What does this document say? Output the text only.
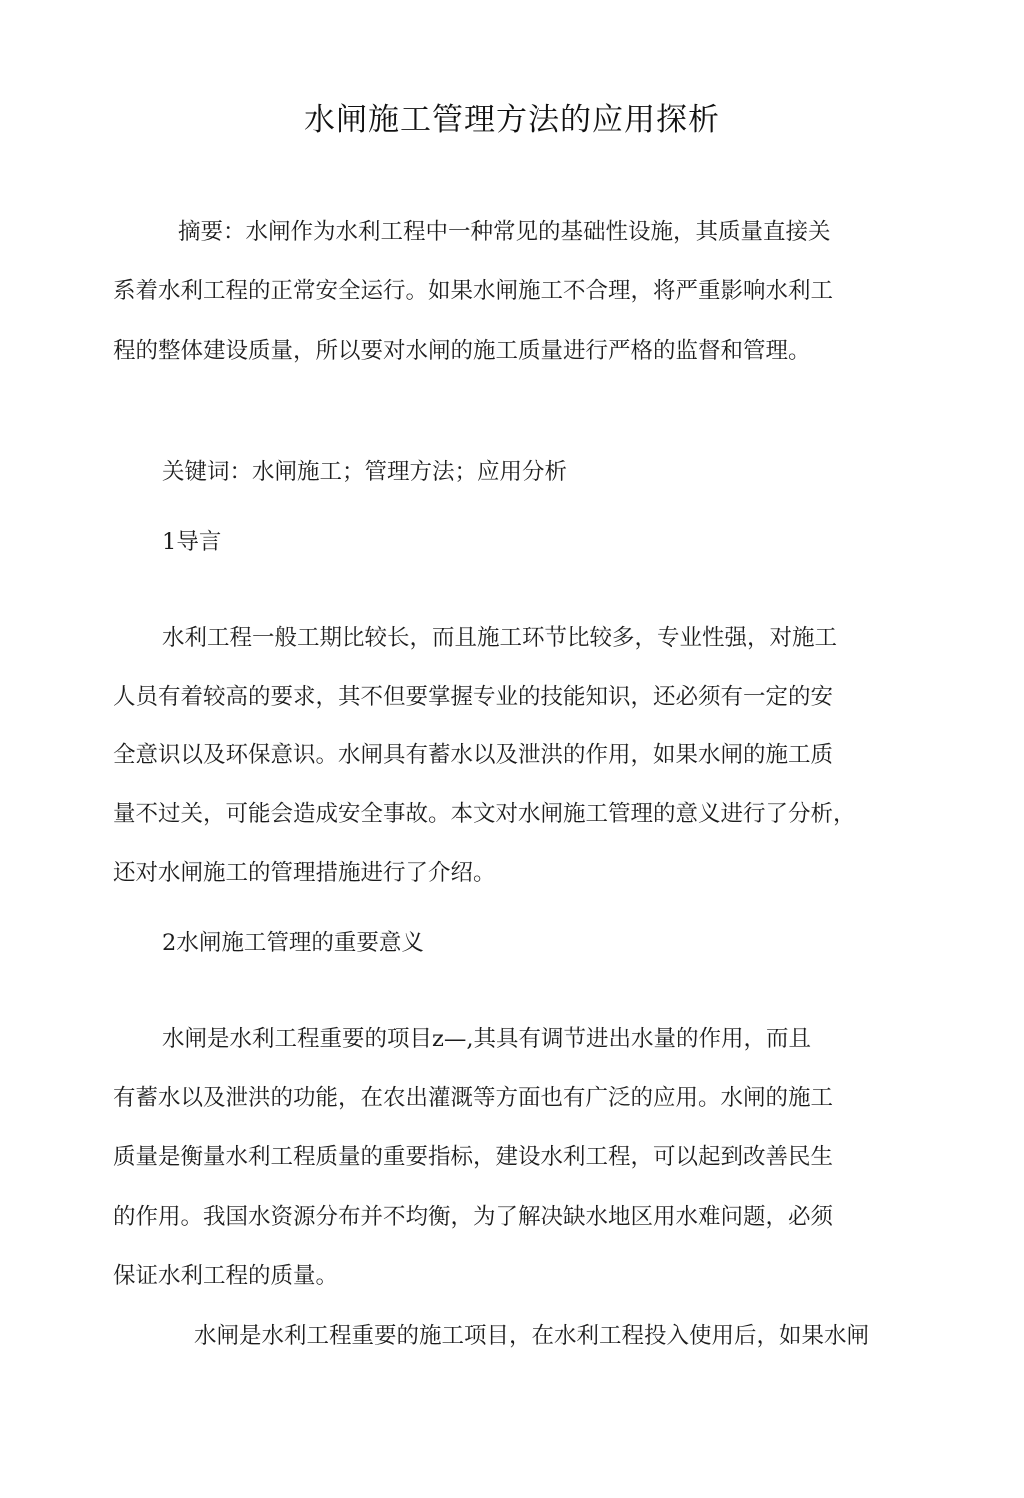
水闸施工管理方法的应用探析
摘要：水闸作为水利工程中一种常见的基础性设施，其质量直接关
系着水利工程的正常安全运行。如果水闸施工不合理，将严重影响水利工
程的整体建设质量，所以要对水闸的施工质量进行严格的监督和管理。
关键词：水闸施工；管理方法；应用分析
1导言
水利工程一般工期比较长，而且施工环节比较多，专业性强，对施工
人员有着较高的要求，其不但要掌握专业的技能知识，还必须有一定的安
全意识以及环保意识。水闸具有蓄水以及泄洪的作用，如果水闸的施工质
量不过关，可能会造成安全事故。本文对水闸施工管理的意义进行了分析，
还对水闸施工的管理措施进行了介绍。
2水闸施工管理的重要意义
水闸是水利工程重要的项目z—,其具有调节进出水量的作用，而且
有蓄水以及泄洪的功能，在农出灌溉等方面也有广泛的应用。水闸的施工
质量是衡量水利工程质量的重要指标，建设水利工程，可以起到改善民生
的作用。我国水资源分布并不均衡，为了解决缺水地区用水难问题，必须
保证水利工程的质量。
水闸是水利工程重要的施工项目，在水利工程投入使用后，如果水闸
